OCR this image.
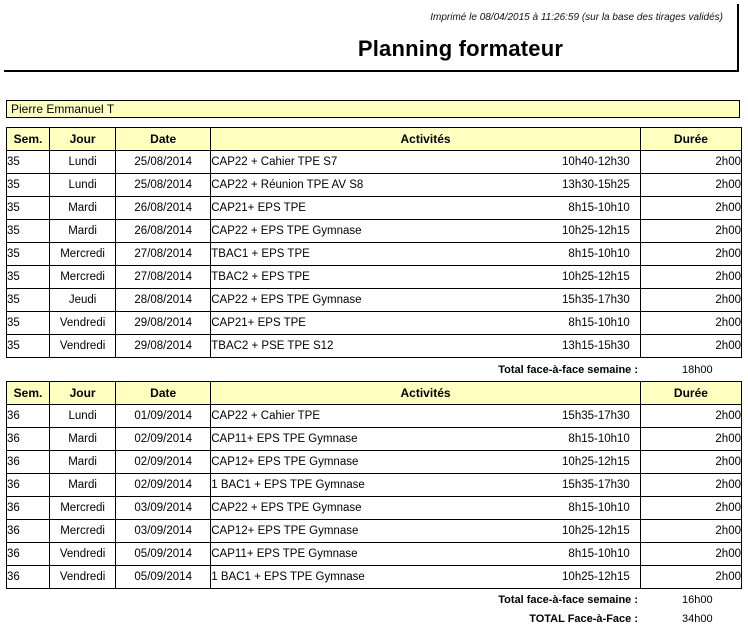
Imprimé le 08/04/2015 à 11:26:59 (sur la base des tirages validés)
Planning formateur
Pierre Emmanuel T
Sem.	Jour	Date	Activités	Durée
35	Lundi	25/08/2014	CAP22 + Cahier TPE S7 10h40-12h30	2h00
35	Lundi	25/08/2014	CAP22 + Réunion TPE AV S8 13h30-15h25	2h00
35	Mardi	26/08/2014	CAP21+ EPS TPE 8h15-10h10	2h00
35	Mardi	26/08/2014	CAP22 + EPS TPE Gymnase 10h25-12h15	2h00
35	Mercredi	27/08/2014	TBAC1 + EPS TPE 8h15-10h10	2h00
35	Mercredi	27/08/2014	TBAC2 + EPS TPE 10h25-12h15	2h00
35	Jeudi	28/08/2014	CAP22 + EPS TPE Gymnase 15h35-17h30	2h00
35	Vendredi	29/08/2014	CAP21+ EPS TPE 8h15-10h10	2h00
35	Vendredi	29/08/2014	TBAC2 + PSE TPE S12 13h15-15h30	2h00
Total face-à-face semaine :	18h00
Sem.	Jour	Date	Activités	Durée
36	Lundi	01/09/2014	CAP22 + Cahier TPE 15h35-17h30	2h00
36	Mardi	02/09/2014	CAP11+ EPS TPE Gymnase 8h15-10h10	2h00
36	Mardi	02/09/2014	CAP12+ EPS TPE Gymnase 10h25-12h15	2h00
36	Mardi	02/09/2014	1 BAC1 + EPS TPE Gymnase 15h35-17h30	2h00
36	Mercredi	03/09/2014	CAP22 + EPS TPE Gymnase 8h15-10h10	2h00
36	Mercredi	03/09/2014	CAP12+ EPS TPE Gymnase 10h25-12h15	2h00
36	Vendredi	05/09/2014	CAP11+ EPS TPE Gymnase 8h15-10h10	2h00
36	Vendredi	05/09/2014	1 BAC1 + EPS TPE Gymnase 10h25-12h15	2h00
Total face-à-face semaine :	16h00
TOTAL Face-à-Face :	34h00
